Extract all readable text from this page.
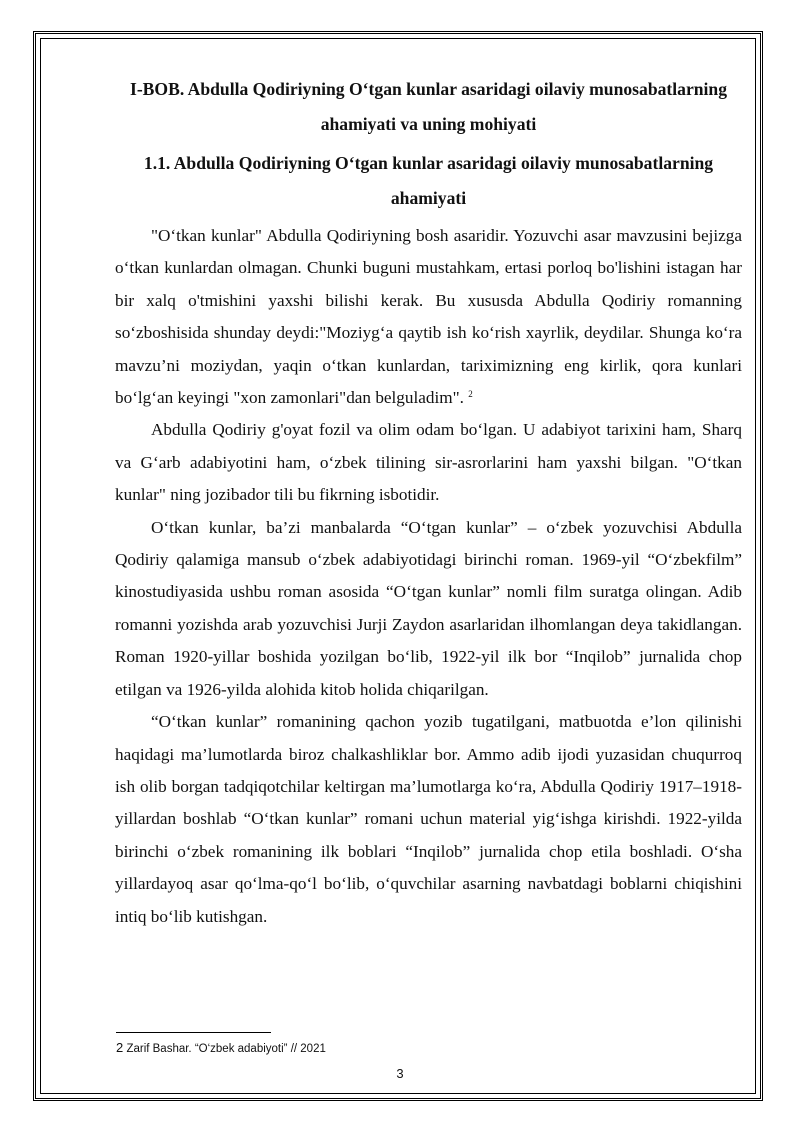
I-BOB. Abdulla Qodiriyning O‘tgan kunlar asaridagi oilaviy munosabatlarning ahamiyati va uning mohiyati
1.1. Abdulla Qodiriyning O‘tgan kunlar asaridagi oilaviy munosabatlarning ahamiyati

"O‘tkan kunlar" Abdulla Qodiriyning bosh asaridir. Yozuvchi asar mavzusini bejizga o‘tkan kunlardan olmagan. Chunki buguni mustahkam, ertasi porloq bo'lishini istagan har bir xalq o'tmishini yaxshi bilishi kerak. Bu xususda Abdulla Qodiriy romanning so‘zboshisida shunday deydi:"Moziyg‘a qaytib ish ko‘rish xayrlik, deydilar. Shunga ko‘ra mavzu’ni moziydan, yaqin o‘tkan kunlardan, tariximizning eng kirlik, qora kunlari bo‘lg‘an keyingi "xon zamonlari"dan belguladim". $^2$

Abdulla Qodiriy g'oyat fozil va olim odam bo‘lgan. U adabiyot tarixini ham, Sharq va G‘arb adabiyotini ham, o‘zbek tilining sir-asrorlarini ham yaxshi bilgan. "O‘tkan kunlar" ning jozibador tili bu fikrning isbotidir.

O‘tkan kunlar, ba’zi manbalarda “O‘tgan kunlar” – o‘zbek yozuvchisi Abdulla Qodiriy qalamiga mansub o‘zbek adabiyotidagi birinchi roman. 1969-yil “O‘zbekfilm” kinostudiyasida ushbu roman asosida “O‘tgan kunlar” nomli film suratga olingan. Adib romanni yozishda arab yozuvchisi Jurji Zaydon asarlaridan ilhomlangan deya takidlangan. Roman 1920-yillar boshida yozilgan bo‘lib, 1922-yil ilk bor “Inqilob” jurnalida chop etilgan va 1926-yilda alohida kitob holida chiqarilgan.

“O‘tkan kunlar” romanining qachon yozib tugatilgani, matbuotda e’lon qilinishi haqidagi ma’lumotlarda biroz chalkashliklar bor. Ammo adib ijodi yuzasidan chuqurroq ish olib borgan tadqiqotchilar keltirgan ma’lumotlarga ko‘ra, Abdulla Qodiriy 1917–1918-yillardan boshlab “O‘tkan kunlar” romani uchun material yig‘ishga kirishdi. 1922-yilda birinchi o‘zbek romanining ilk boblari “Inqilob” jurnalida chop etila boshladi. O‘sha yillardayoq asar qo‘lma-qo‘l bo‘lib, o‘quvchilar asarning navbatdagi boblarni chiqishini intiq bo‘lib kutishgan.

2 Zarif Bashar. “O‘zbek adabiyoti” // 2021
3
